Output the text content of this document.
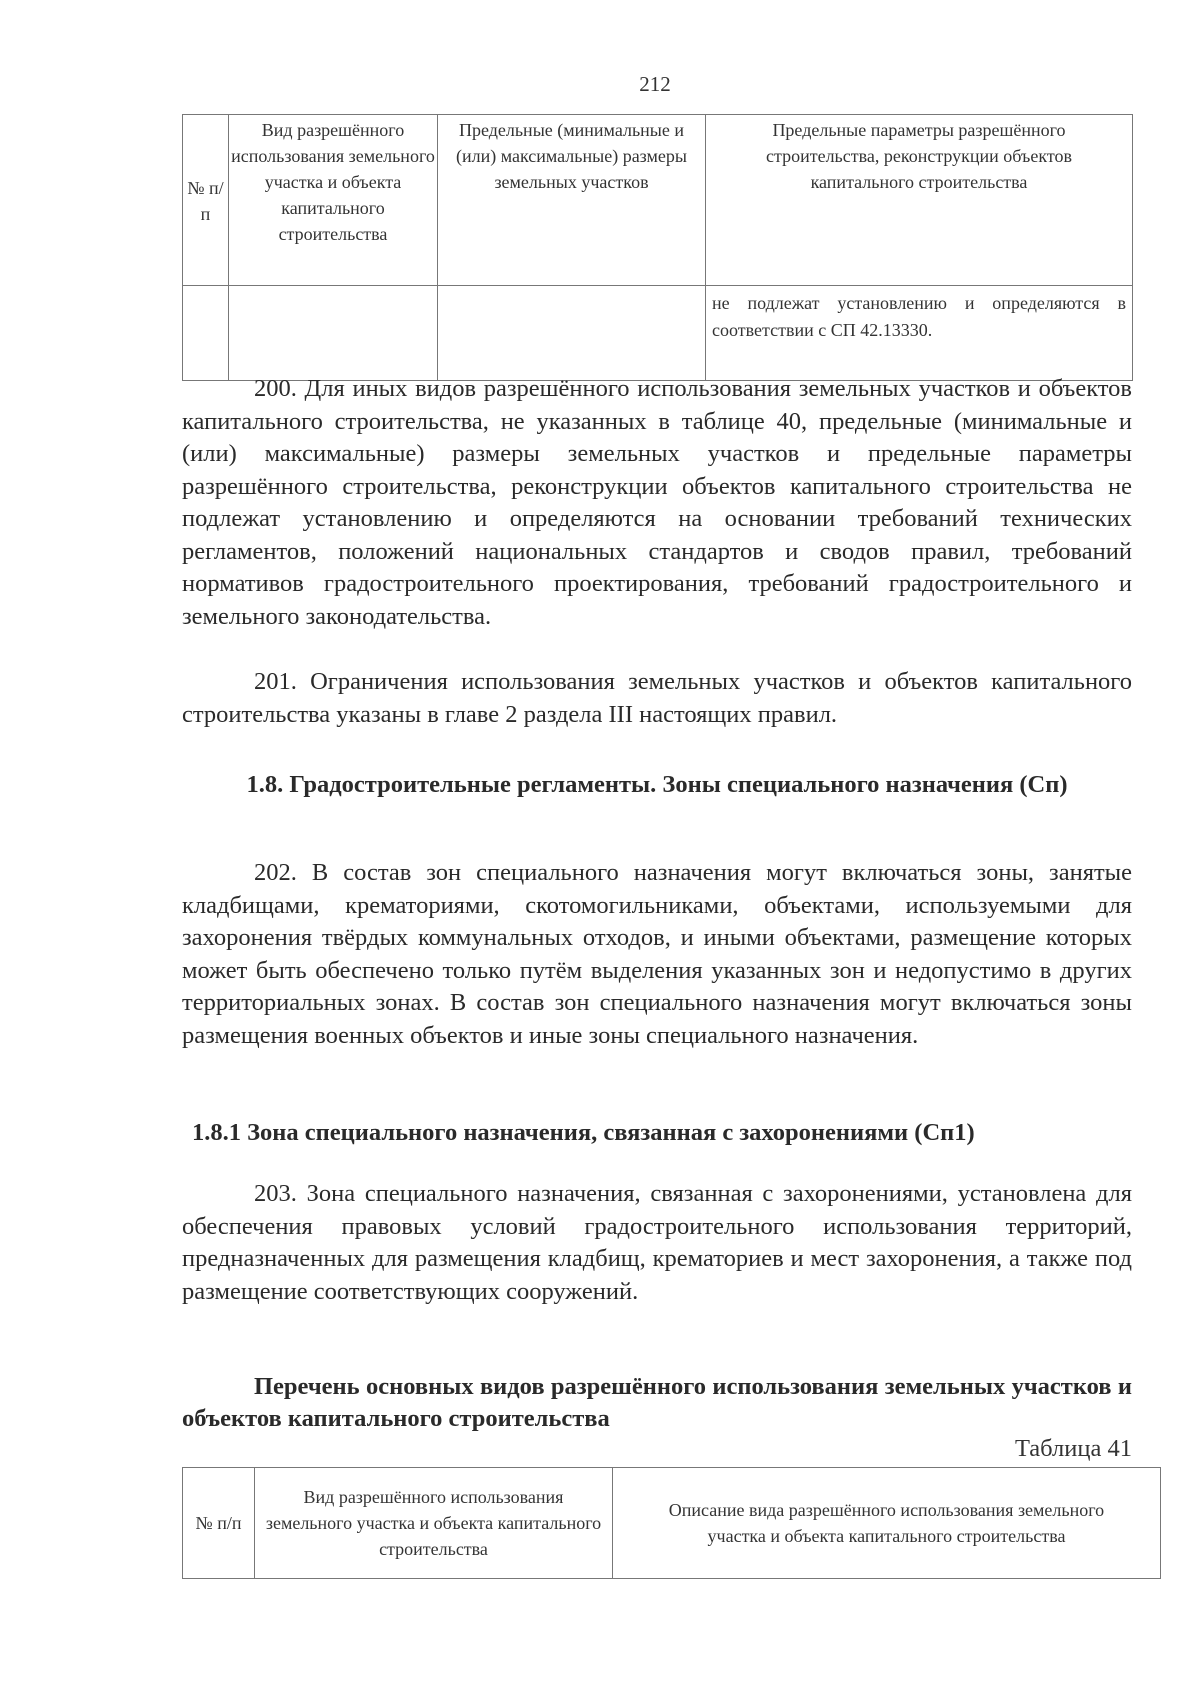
212
№ п/п	Вид разрешённого использования земельного участка и объекта капитального строительства	Предельные (минимальные и (или) максимальные) размеры земельных участков	Предельные параметры разрешённого строительства, реконструкции объектов капитального строительства

			не подлежат установлению и определяются в соответствии с СП 42.13330.

200. Для иных видов разрешённого использования земельных участков и объектов капитального строительства, не указанных в таблице 40, предельные (минимальные и (или) максимальные) размеры земельных участков и предельные параметры разрешённого строительства, реконструкции объектов капитального строительства не подлежат установлению и определяются на основании требований технических регламентов, положений национальных стандартов и сводов правил, требований нормативов градостроительного проектирования, требований градостроительного и земельного законодательства.

201. Ограничения использования земельных участков и объектов капитального строительства указаны в главе 2 раздела III настоящих правил.

1.8. Градостроительные регламенты. Зоны специального назначения (Сп)

202. В состав зон специального назначения могут включаться зоны, занятые кладбищами, крематориями, скотомогильниками, объектами, используемыми для захоронения твёрдых коммунальных отходов, и иными объектами, размещение которых может быть обеспечено только путём выделения указанных зон и недопустимо в других территориальных зонах. В состав зон специального назначения могут включаться зоны размещения военных объектов и иные зоны специального назначения.

1.8.1 Зона специального назначения, связанная с захоронениями (Сп1)

203. Зона специального назначения, связанная с захоронениями, установлена для обеспечения правовых условий градостроительного использования территорий, предназначенных для размещения кладбищ, крематориев и мест захоронения, а также под размещение соответствующих сооружений.

Перечень основных видов разрешённого использования земельных участков и объектов капитального строительства
Таблица 41
№ п/п	Вид разрешённого использования земельного участка и объекта капитального строительства	Описание вида разрешённого использования земельного участка и объекта капитального строительства
